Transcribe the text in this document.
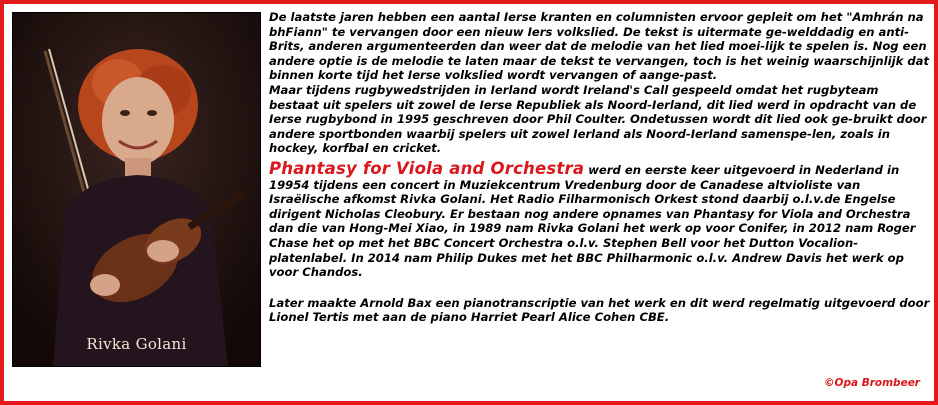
Rivka Golani

De laatste jaren hebben een aantal Ierse kranten en columnisten ervoor gepleit om het "Amhrán na bhFiann" te vervangen door een nieuw Iers volkslied. De tekst is uitermate ge-welddadig en anti-Brits, anderen argumenteerden dan weer dat de melodie van het lied moei-lijk te spelen is. Nog een andere optie is de melodie te laten maar de tekst te vervangen, toch is het weinig waarschijnlijk dat binnen korte tijd het Ierse volkslied wordt vervangen of aange-past.

Maar tijdens rugbywedstrijden in Ierland wordt Ireland's Call gespeeld omdat het rugbyteam bestaat uit spelers uit zowel de Ierse Republiek als Noord-Ierland, dit lied werd in opdracht van de Ierse rugbybond in 1995 geschreven door Phil Coulter. Ondetussen wordt dit lied ook ge-bruikt door andere sportbonden waarbij spelers uit zowel Ierland als Noord-Ierland samenspe-len, zoals in hockey, korfbal en cricket.

Phantasy for Viola and Orchestra werd en eerste keer uitgevoerd in Nederland in 19954 tijdens een concert in Muziekcentrum Vredenburg door de Canadese altvioliste van Israëlische afkomst Rivka Golani. Het Radio Filharmonisch Orkest stond daarbij o.l.v.de Engelse dirigent Nicholas Cleobury. Er bestaan nog andere opnames van Phantasy for Viola and Orchestra dan die van Hong-Mei Xiao, in 1989 nam Rivka Golani het werk op voor Conifer, in 2012 nam Roger Chase het op met het BBC Concert Orchestra o.l.v. Stephen Bell voor het Dutton Vocalion-platenlabel. In 2014 nam Philip Dukes met het BBC Philharmonic o.l.v. Andrew Davis het werk op voor Chandos.

Later maakte Arnold Bax een pianotranscriptie van het werk en dit werd regelmatig uitgevoerd door Lionel Tertis met aan de piano Harriet Pearl Alice Cohen CBE.

©Opa Brombeer
